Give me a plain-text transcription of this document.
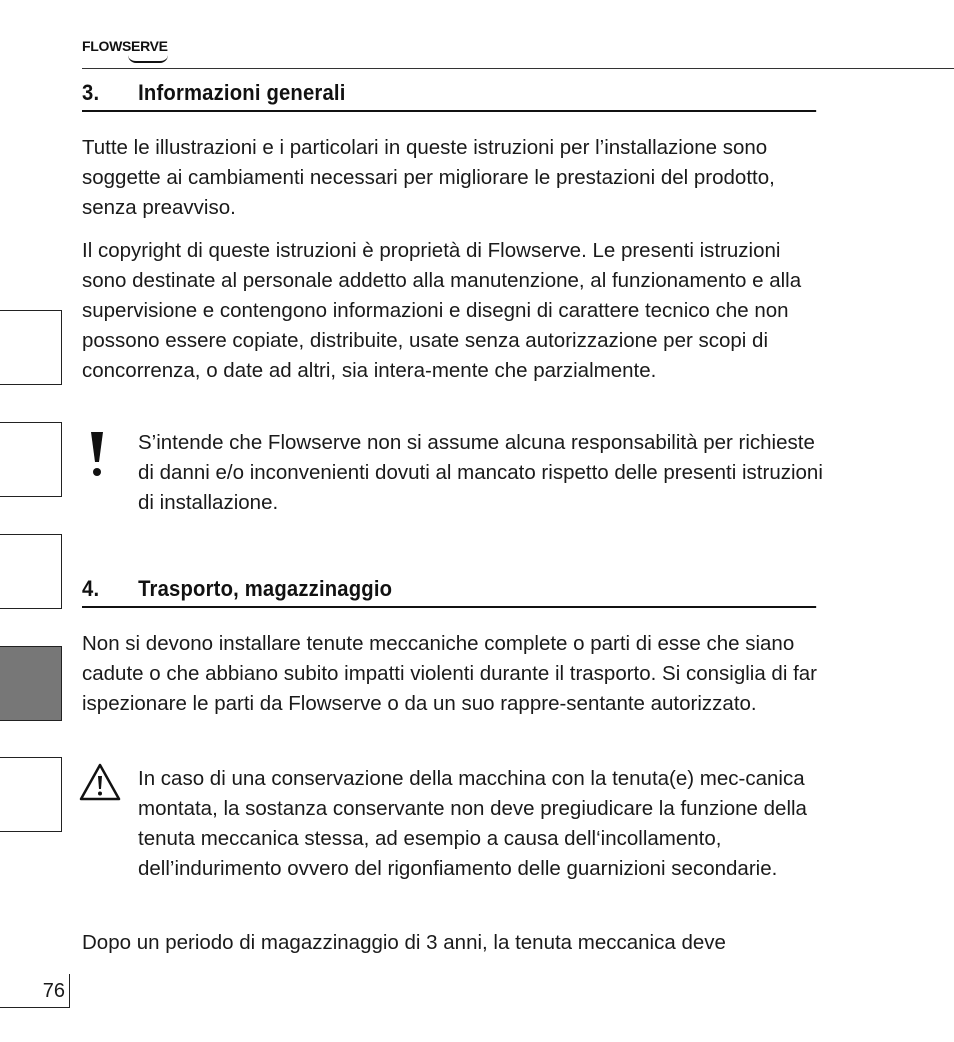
FLOWSERVE
3. Informazioni generali

Tutte le illustrazioni e i particolari in queste istruzioni per l’installazione sono soggette ai cambiamenti necessari per migliorare le prestazioni del prodotto, senza preavviso.

Il copyright di queste istruzioni è proprietà di Flowserve. Le presenti istruzioni sono destinate al personale addetto alla manutenzione, al funzionamento e alla supervisione e contengono informazioni e disegni di carattere tecnico che non possono essere copiate, distribuite, usate senza autorizzazione per scopi di concorrenza, o date ad altri, sia intera-mente che parzialmente.

S’intende che Flowserve non si assume alcuna responsabilità per richieste di danni e/o inconvenienti dovuti al mancato rispetto delle presenti istruzioni di installazione.

4. Trasporto, magazzinaggio

Non si devono installare tenute meccaniche complete o parti di esse che siano cadute o che abbiano subito impatti violenti durante il trasporto. Si consiglia di far ispezionare le parti da Flowserve o da un suo rappre-sentante autorizzato.

In caso di una conservazione della macchina con la tenuta(e) mec-canica montata, la sostanza conservante non deve pregiudicare la funzione della tenuta meccanica stessa, ad esempio a causa dell‘incollamento, dell’indurimento ovvero del rigonfiamento delle guarnizioni secondarie.

Dopo un periodo di magazzinaggio di 3 anni, la tenuta meccanica deve

76
